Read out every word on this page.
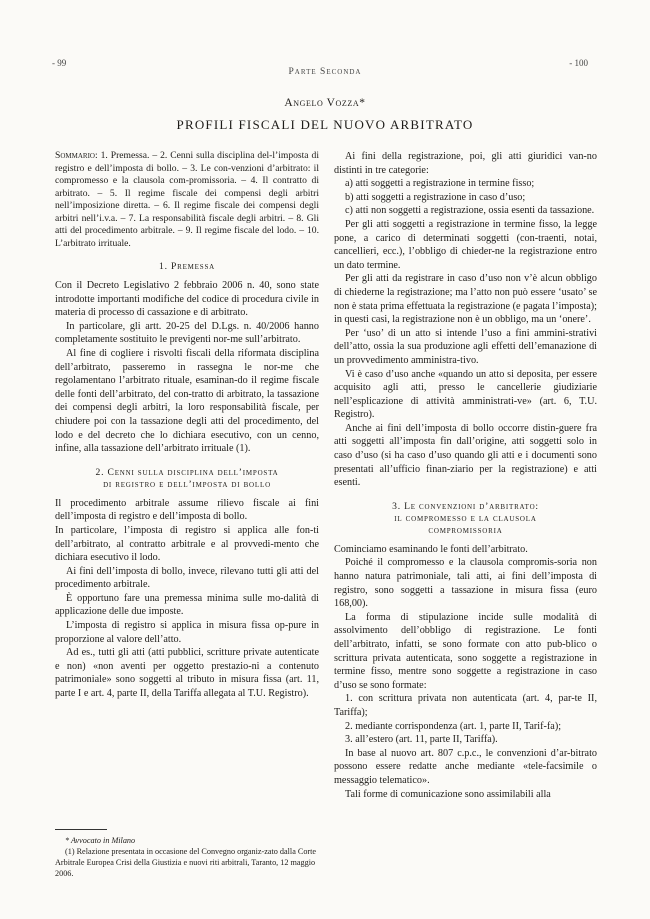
- 99	- 100
Parte Seconda
Angelo Vozza*
PROFILI FISCALI DEL NUOVO ARBITRATO

Sommario: 1. Premessa. – 2. Cenni sulla disciplina del-l’imposta di registro e dell’imposta di bollo. – 3. Le con-venzioni d’arbitrato: il compromesso e la clausola com-promissoria. – 4. Il contratto di arbitrato. – 5. Il regime fiscale dei compensi degli arbitri nell’imposizione diretta. – 6. Il regime fiscale dei compensi degli arbitri nell’i.v.a. – 7. La responsabilità fiscale degli arbitri. – 8. Gli atti del procedimento arbitrale. – 9. Il regime fiscale del lodo. – 10. L’arbitrato irrituale.

1. Premessa

Con il Decreto Legislativo 2 febbraio 2006 n. 40, sono state introdotte importanti modifiche del codice di procedura civile in materia di processo di cassazione e di arbitrato.

In particolare, gli artt. 20-25 del D.Lgs. n. 40/2006 hanno completamente sostituito le previgenti nor-me sull’arbitrato.

Al fine di cogliere i risvolti fiscali della riformata disciplina dell’arbitrato, passeremo in rassegna le nor-me che regolamentano l’arbitrato rituale, esaminan-do il regime fiscale delle fonti dell’arbitrato, del con-tratto di arbitrato, la tassazione dei compensi degli arbitri, la loro responsabilità fiscale, per chiudere poi con la tassazione degli atti del procedimento, del lodo e del decreto che lo dichiara esecutivo, con un cenno, infine, alla tassazione dell’arbitrato irrituale (1).

2. Cenni sulla disciplina dell’imposta
di registro e dell’imposta di bollo

Il procedimento arbitrale assume rilievo fiscale ai fini dell’imposta di registro e dell’imposta di bollo.

In particolare, l’imposta di registro si applica alle fon-ti dell’arbitrato, al contratto arbitrale e al provvedi-mento che dichiara esecutivo il lodo.

Ai fini dell’imposta di bollo, invece, rilevano tutti gli atti del procedimento arbitrale.

È opportuno fare una premessa minima sulle mo-dalità di applicazione delle due imposte.

L’imposta di registro si applica in misura fissa op-pure in proporzione al valore dell’atto.

Ad es., tutti gli atti (atti pubblici, scritture private autenticate e non) «non aventi per oggetto prestazio-ni a contenuto patrimoniale» sono soggetti al tributo in misura fissa (art. 11, parte I e art. 4, parte II, della Tariffa allegata al T.U. Registro).

* Avvocato in Milano

(1) Relazione presentata in occasione del Convegno organiz-zato dalla Corte Arbitrale Europea Crisi della Giustizia e nuovi riti arbitrali, Taranto, 12 maggio 2006.

Ai fini della registrazione, poi, gli atti giuridici van-no distinti in tre categorie:

a) atti soggetti a registrazione in termine fisso;

b) atti soggetti a registrazione in caso d’uso;

c) atti non soggetti a registrazione, ossia esenti da tassazione.

Per gli atti soggetti a registrazione in termine fisso, la legge pone, a carico di determinati soggetti (con-traenti, notai, cancellieri, ecc.), l’obbligo di chieder-ne la registrazione entro un dato termine.

Per gli atti da registrare in caso d’uso non v’è alcun obbligo di chiederne la registrazione; ma l’atto non può essere ‘usato’ se non è stata prima effettuata la registrazione (e pagata l’imposta); in questi casi, la registrazione non è un obbligo, ma un ‘onere’.

Per ‘uso’ di un atto si intende l’uso a fini ammini-strativi dell’atto, ossia la sua produzione agli effetti dell’emanazione di un provvedimento amministra-tivo.

Vi è caso d’uso anche «quando un atto si deposita, per essere acquisito agli atti, presso le cancellerie giudiziarie nell’esplicazione di attività amministrati-ve» (art. 6, T.U. Registro).

Anche ai fini dell’imposta di bollo occorre distin-guere fra atti soggetti all’imposta fin dall’origine, atti soggetti solo in caso d’uso (si ha caso d’uso quando gli atti e i documenti sono presentati all’ufficio finan-ziario per la registrazione) e atti esenti.

3. Le convenzioni d’arbitrato:
il compromesso e la clausola
compromissoria

Cominciamo esaminando le fonti dell’arbitrato.

Poiché il compromesso e la clausola compromis-soria non hanno natura patrimoniale, tali atti, ai fini dell’imposta di registro, sono soggetti a tassazione in misura fissa (euro 168,00).

La forma di stipulazione incide sulle modalità di assolvimento dell’obbligo di registrazione. Le fonti dell’arbitrato, infatti, se sono formate con atto pub-blico o scrittura privata autenticata, sono soggette a registrazione in termine fisso, mentre sono soggette a registrazione in caso d’uso se sono formate:

1. con scrittura privata non autenticata (art. 4, par-te II, Tariffa);

2. mediante corrispondenza (art. 1, parte II, Tarif-fa);

3. all’estero (art. 11, parte II, Tariffa).

In base al nuovo art. 807 c.p.c., le convenzioni d’ar-bitrato possono essere redatte anche mediante «tele-facsimile o messaggio telematico».

Tali forme di comunicazione sono assimilabili alla
